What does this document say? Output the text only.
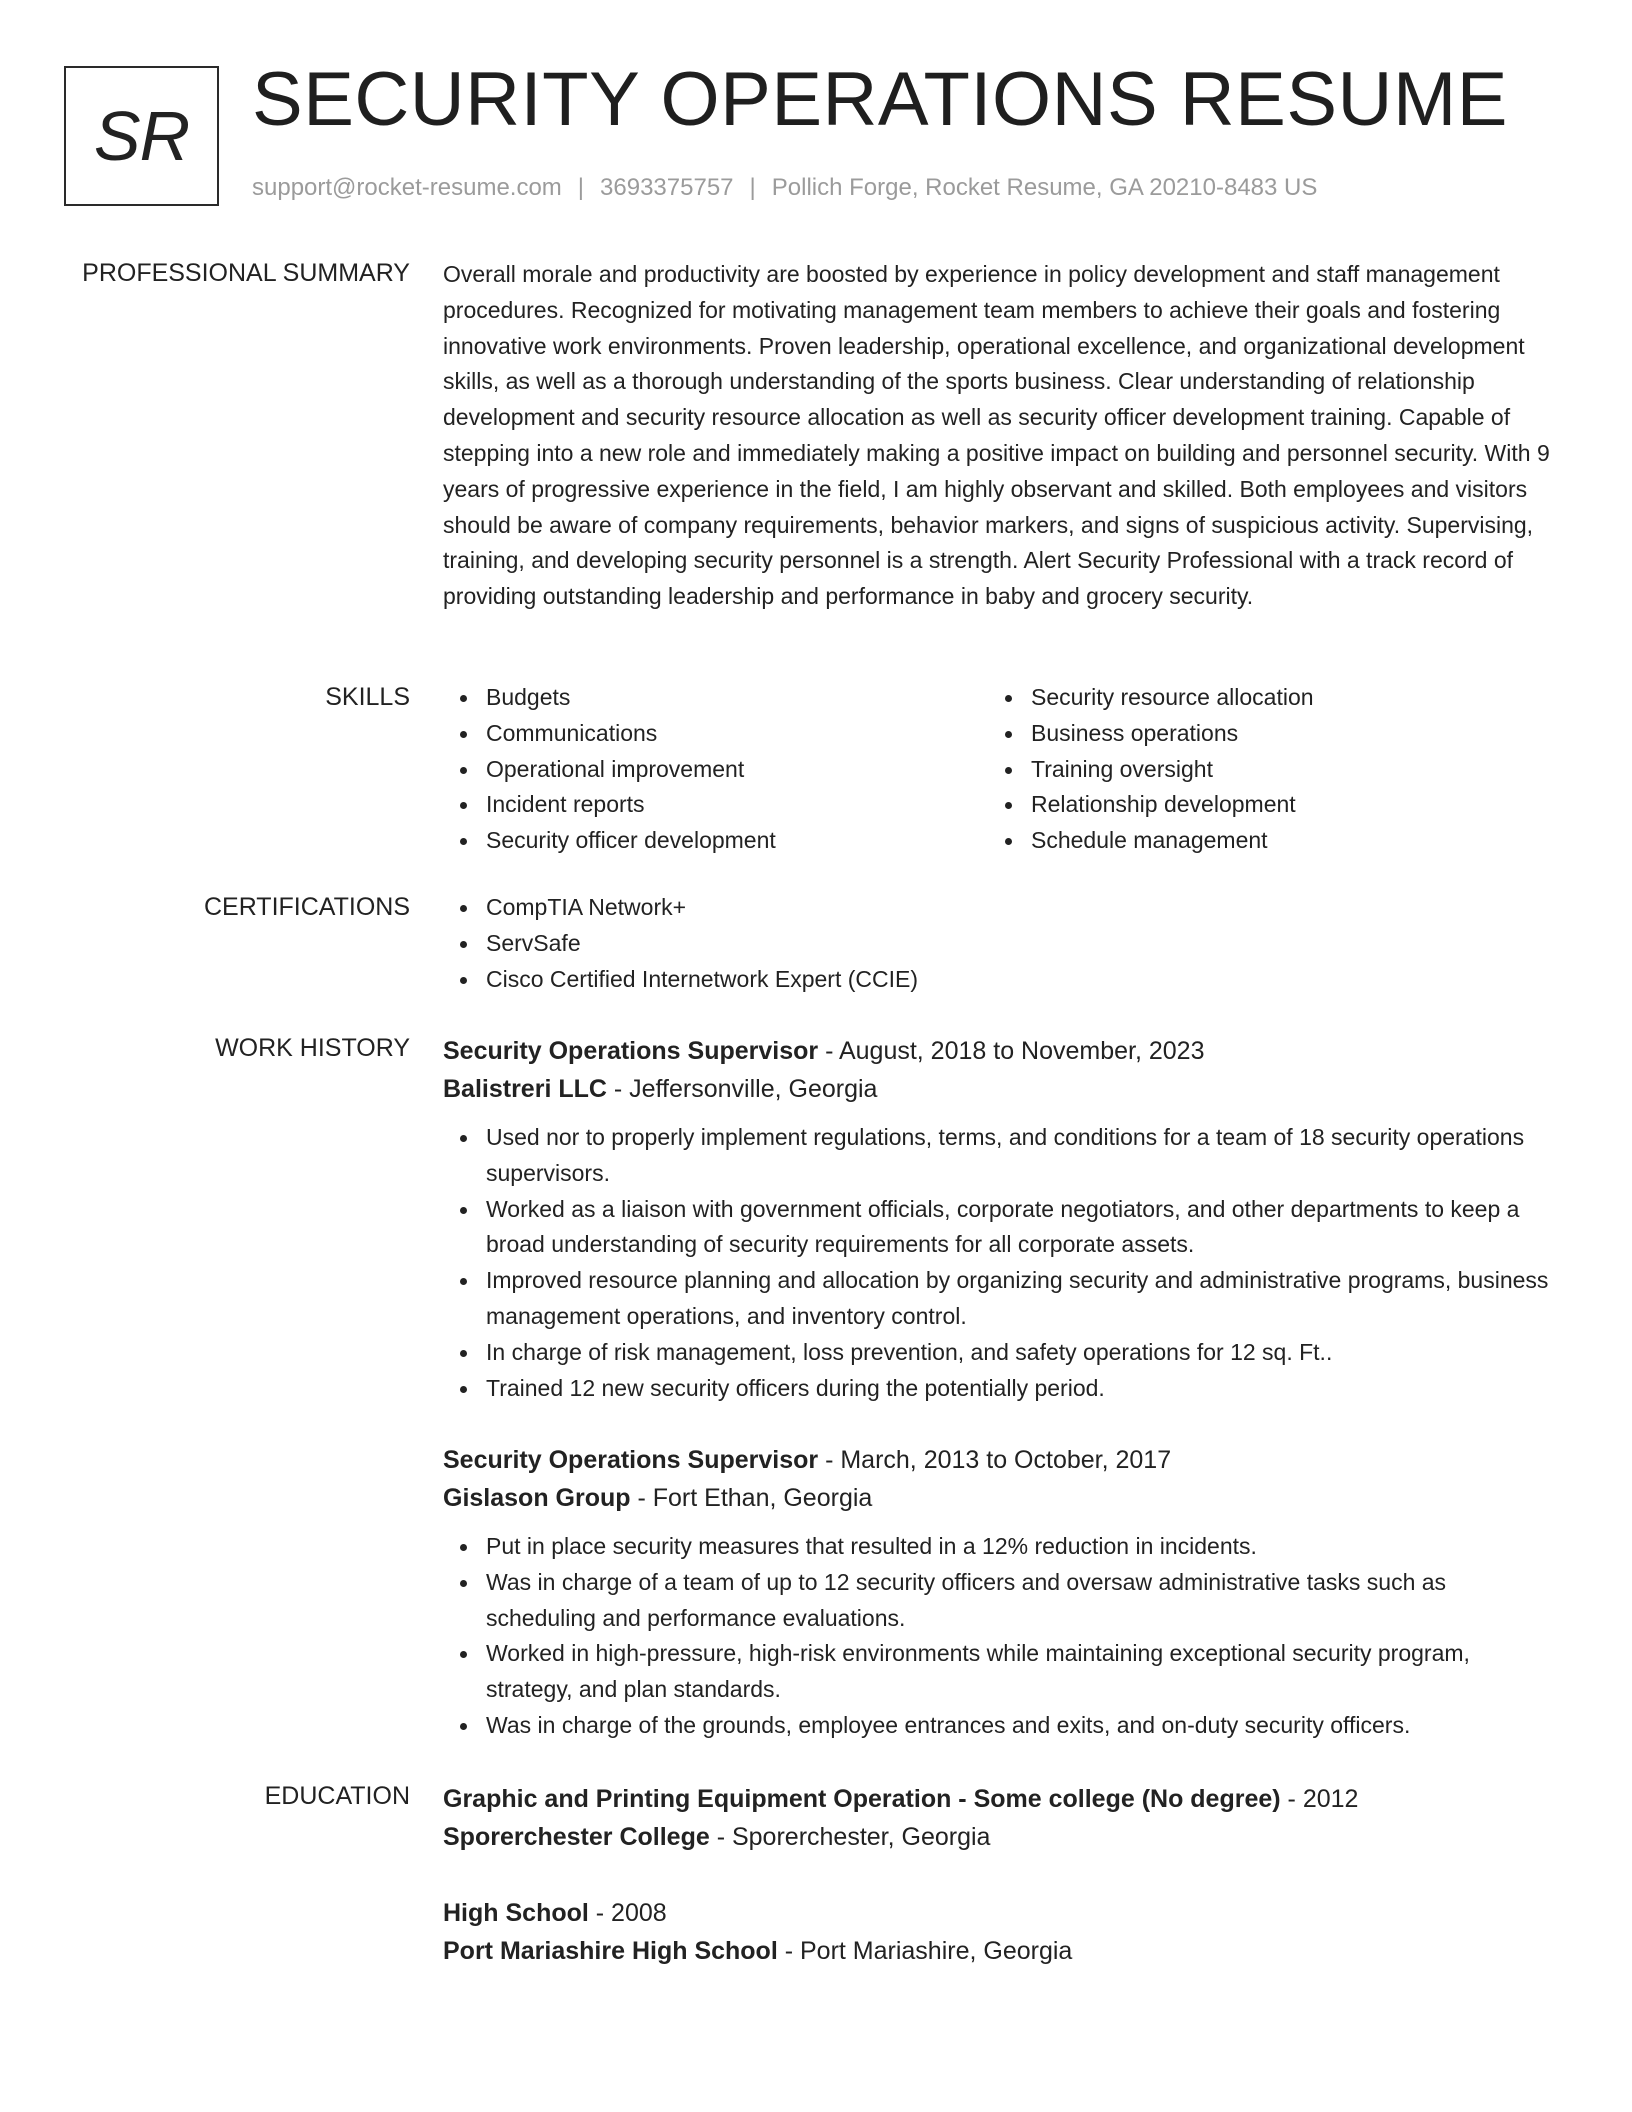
SR SECURITY OPERATIONS RESUME
support@rocket-resume.com | 3693375757 | Pollich Forge, Rocket Resume, GA 20210-8483 US
PROFESSIONAL SUMMARY Overall morale and productivity are boosted by experience in policy development and staff management procedures. Recognized for motivating management team members to achieve their goals and fostering innovative work environments. Proven leadership, operational excellence, and organizational development skills, as well as a thorough understanding of the sports business. Clear understanding of relationship development and security resource allocation as well as security officer development training. Capable of stepping into a new role and immediately making a positive impact on building and personnel security. With 9 years of progressive experience in the field, I am highly observant and skilled. Both employees and visitors should be aware of company requirements, behavior markers, and signs of suspicious activity. Supervising, training, and developing security personnel is a strength. Alert Security Professional with a track record of providing outstanding leadership and performance in baby and grocery security.
SKILLS	Budgets
Communications
Operational improvement
Incident reports
Security officer development
Security resource allocation
Business operations
Training oversight
Relationship development
Schedule management
CERTIFICATIONS	CompTIA Network+
ServSafe
Cisco Certified Internetwork Expert (CCIE)
WORK HISTORY Security Operations Supervisor - August, 2018 to November, 2023
Balistreri LLC - Jeffersonville, Georgia
Used nor to properly implement regulations, terms, and conditions for a team of 18 security operations supervisors.
Worked as a liaison with government officials, corporate negotiators, and other departments to keep a broad understanding of security requirements for all corporate assets.
Improved resource planning and allocation by organizing security and administrative programs, business management operations, and inventory control.
In charge of risk management, loss prevention, and safety operations for 12 sq. Ft..
Trained 12 new security officers during the potentially period.
Security Operations Supervisor - March, 2013 to October, 2017
Gislason Group - Fort Ethan, Georgia
Put in place security measures that resulted in a 12% reduction in incidents.
Was in charge of a team of up to 12 security officers and oversaw administrative tasks such as scheduling and performance evaluations.
Worked in high-pressure, high-risk environments while maintaining exceptional security program, strategy, and plan standards.
Was in charge of the grounds, employee entrances and exits, and on-duty security officers.
EDUCATION Graphic and Printing Equipment Operation - Some college (No degree) - 2012
Sporerchester College - Sporerchester, Georgia
High School - 2008
Port Mariashire High School - Port Mariashire, Georgia
